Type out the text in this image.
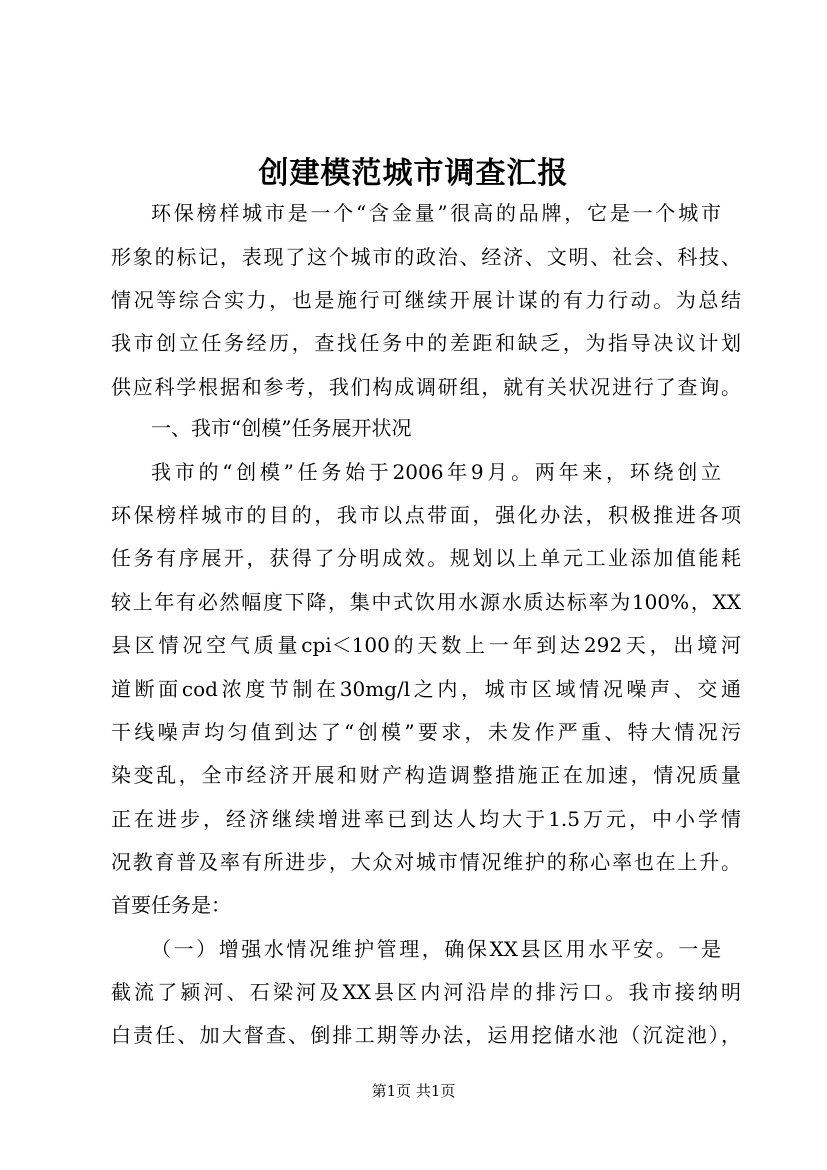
创建模范城市调查汇报
环保榜样城市是一个“含金量”很高的品牌，它是一个城市
形象的标记，表现了这个城市的政治、经济、文明、社会、科技、
情况等综合实力，也是施行可继续开展计谋的有力行动。为总结
我市创立任务经历，查找任务中的差距和缺乏，为指导决议计划
供应科学根据和参考，我们构成调研组，就有关状况进行了查询。
一、我市“创模”任务展开状况
我市的“创模”任务始于2006年9月。两年来，环绕创立
环保榜样城市的目的，我市以点带面，强化办法，积极推进各项
任务有序展开，获得了分明成效。规划以上单元工业添加值能耗
较上年有必然幅度下降，集中式饮用水源水质达标率为100%，XX
县区情况空气质量cpi＜100的天数上一年到达292天，出境河
道断面cod浓度节制在30mg/l之内，城市区域情况噪声、交通
干线噪声均匀值到达了“创模”要求，未发作严重、特大情况污
染变乱，全市经济开展和财产构造调整措施正在加速，情况质量
正在进步，经济继续增进率已到达人均大于1.5万元，中小学情
况教育普及率有所进步，大众对城市情况维护的称心率也在上升。
首要任务是：
（一）增强水情况维护管理，确保XX县区用水平安。一是
截流了颍河、石梁河及XX县区内河沿岸的排污口。我市接纳明
白责任、加大督查、倒排工期等办法，运用挖储水池（沉淀池），
第1页 共1页
